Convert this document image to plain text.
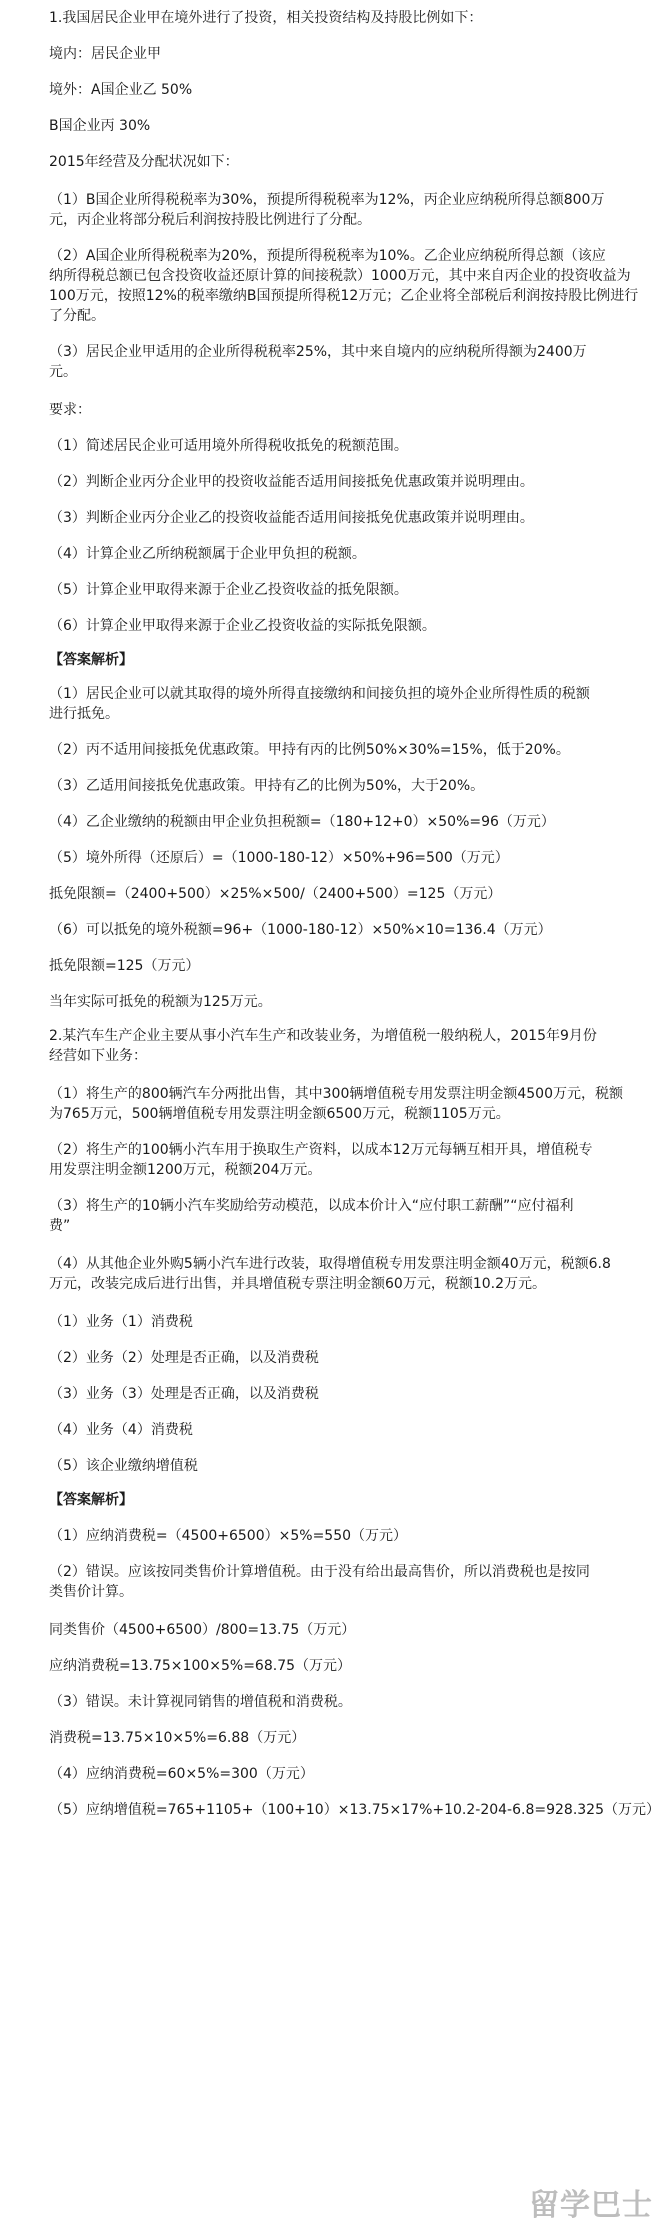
1.我国居民企业甲在境外进行了投资，相关投资结构及持股比例如下：

境内：居民企业甲

境外：A国企业乙 50%

B国企业丙 30%

2015年经营及分配状况如下：

（1）B国企业所得税税率为30%，预提所得税税率为12%，丙企业应纳税所得总额800万

元，丙企业将部分税后利润按持股比例进行了分配。

（2）A国企业所得税税率为20%，预提所得税税率为10%。乙企业应纳税所得总额（该应

纳所得税总额已包含投资收益还原计算的间接税款）1000万元，其中来自丙企业的投资收益为

100万元，按照12%的税率缴纳B国预提所得税12万元；乙企业将全部税后利润按持股比例进行

了分配。

（3）居民企业甲适用的企业所得税税率25%，其中来自境内的应纳税所得额为2400万

元。

要求：

（1）简述居民企业可适用境外所得税收抵免的税额范围。

（2）判断企业丙分企业甲的投资收益能否适用间接抵免优惠政策并说明理由。

（3）判断企业丙分企业乙的投资收益能否适用间接抵免优惠政策并说明理由。

（4）计算企业乙所纳税额属于企业甲负担的税额。

（5）计算企业甲取得来源于企业乙投资收益的抵免限额。

（6）计算企业甲取得来源于企业乙投资收益的实际抵免限额。

【答案解析】

（1）居民企业可以就其取得的境外所得直接缴纳和间接负担的境外企业所得性质的税额

进行抵免。

（2）丙不适用间接抵免优惠政策。甲持有丙的比例50%×30%=15%，低于20%。

（3）乙适用间接抵免优惠政策。甲持有乙的比例为50%，大于20%。

（4）乙企业缴纳的税额由甲企业负担税额=（180+12+0）×50%=96（万元）

（5）境外所得（还原后）=（1000-180-12）×50%+96=500（万元）

抵免限额=（2400+500）×25%×500/（2400+500）=125（万元）

（6）可以抵免的境外税额=96+（1000-180-12）×50%×10=136.4（万元）

抵免限额=125（万元）

当年实际可抵免的税额为125万元。

2.某汽车生产企业主要从事小汽车生产和改装业务，为增值税一般纳税人，2015年9月份

经营如下业务：

（1）将生产的800辆汽车分两批出售，其中300辆增值税专用发票注明金额4500万元，税额

为765万元，500辆增值税专用发票注明金额6500万元，税额1105万元。

（2）将生产的100辆小汽车用于换取生产资料，以成本12万元每辆互相开具，增值税专

用发票注明金额1200万元，税额204万元。

（3）将生产的10辆小汽车奖励给劳动模范，以成本价计入“应付职工薪酬”“应付福利

费”

（4）从其他企业外购5辆小汽车进行改装，取得增值税专用发票注明金额40万元，税额6.8

万元，改装完成后进行出售，并具增值税专票注明金额60万元，税额10.2万元。

（1）业务（1）消费税

（2）业务（2）处理是否正确，以及消费税

（3）业务（3）处理是否正确，以及消费税

（4）业务（4）消费税

（5）该企业缴纳增值税

【答案解析】

（1）应纳消费税=（4500+6500）×5%=550（万元）

（2）错误。应该按同类售价计算增值税。由于没有给出最高售价，所以消费税也是按同

类售价计算。

同类售价（4500+6500）/800=13.75（万元）

应纳消费税=13.75×100×5%=68.75（万元）

（3）错误。未计算视同销售的增值税和消费税。

消费税=13.75×10×5%=6.88（万元）

（4）应纳消费税=60×5%=300（万元）

（5）应纳增值税=765+1105+（100+10）×13.75×17%+10.2-204-6.8=928.325（万元）

留学巴士
